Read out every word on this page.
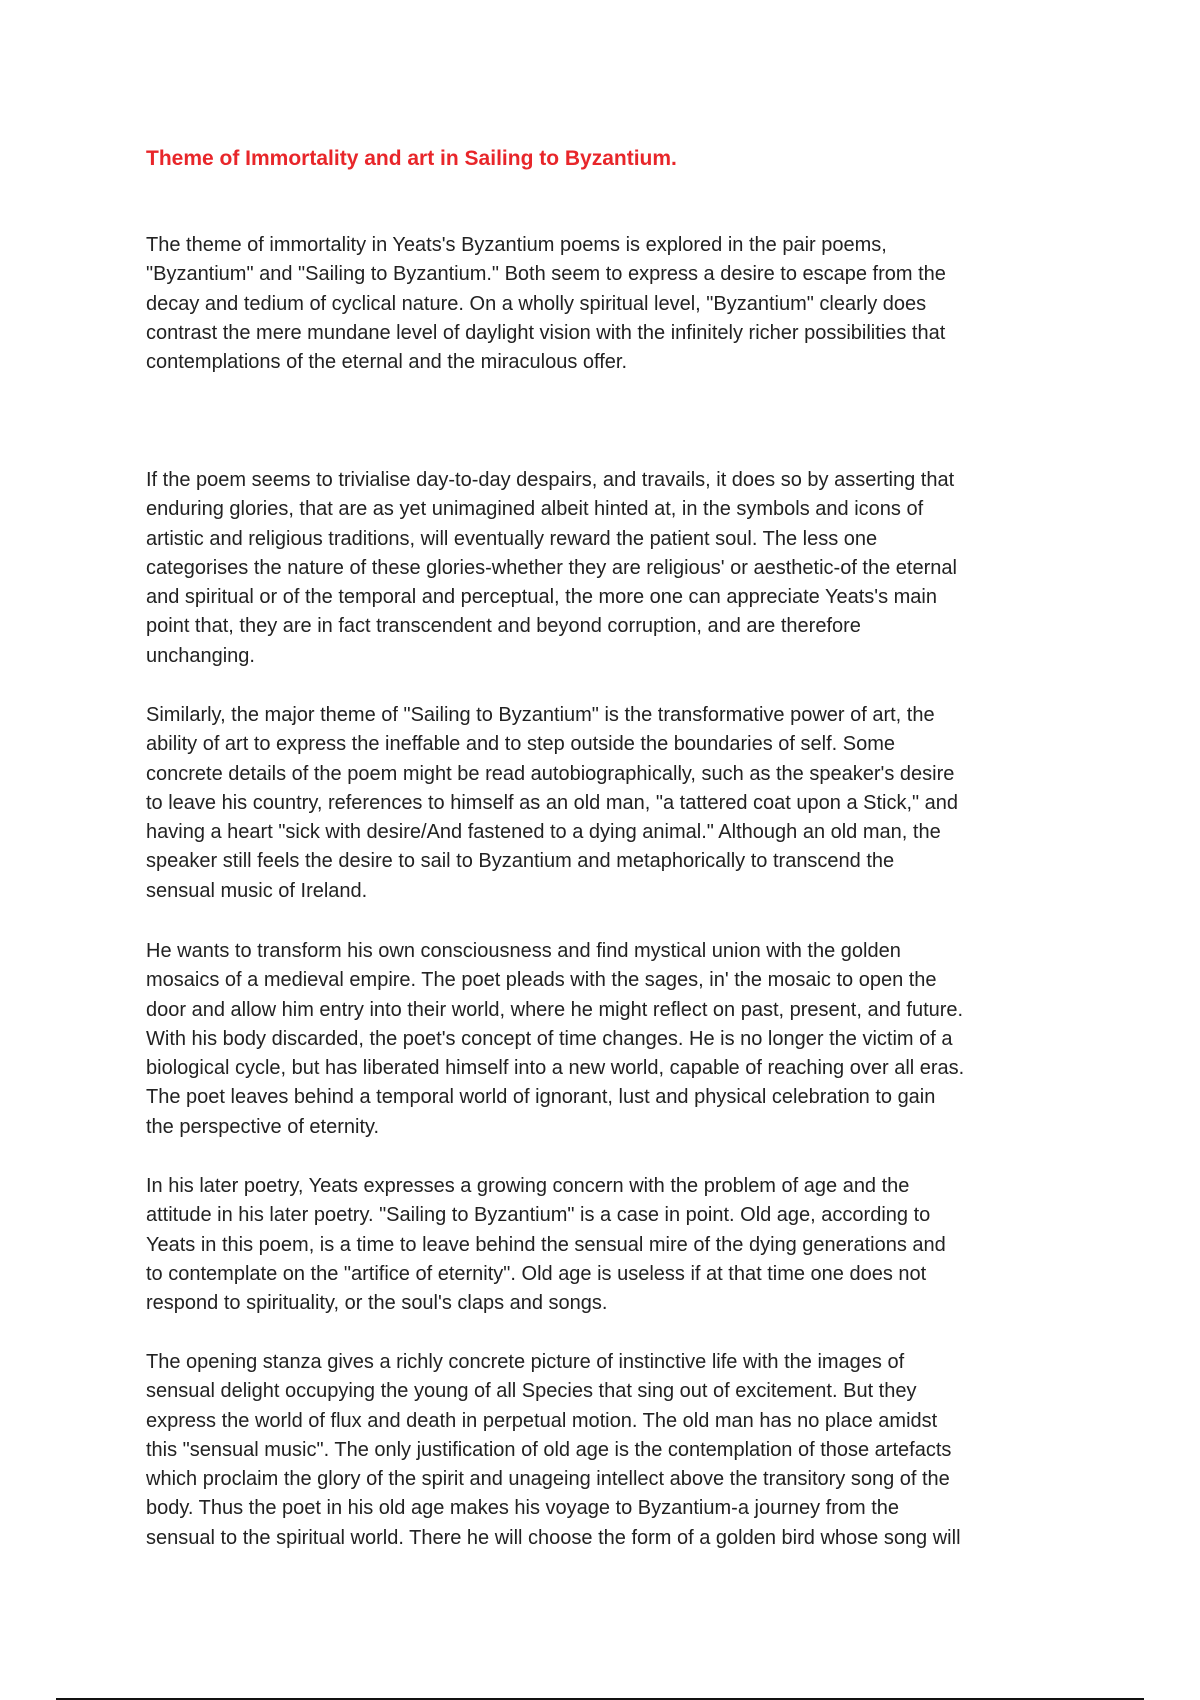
Theme of Immortality and art in Sailing to Byzantium.
The theme of immortality in Yeats's Byzantium poems is explored in the pair poems,
"Byzantium" and "Sailing to Byzantium." Both seem to express a desire to escape from the
decay and tedium of cyclical nature. On a wholly spiritual level, "Byzantium" clearly does
contrast the mere mundane level of daylight vision with the infinitely richer possibilities that
contemplations of the eternal and the miraculous offer.
If the poem seems to trivialise day-to-day despairs, and travails, it does so by asserting that
enduring glories, that are as yet unimagined albeit hinted at, in the symbols and icons of
artistic and religious traditions, will eventually reward the patient soul. The less one
categorises the nature of these glories-whether they are religious' or aesthetic-of the eternal
and spiritual or of the temporal and perceptual, the more one can appreciate Yeats's main
point that, they are in fact transcendent and beyond corruption, and are therefore
unchanging.
Similarly, the major theme of "Sailing to Byzantium" is the transformative power of art, the
ability of art to express the ineffable and to step outside the boundaries of self. Some
concrete details of the poem might be read autobiographically, such as the speaker's desire
to leave his country, references to himself as an old man, "a tattered coat upon a Stick," and
having a heart "sick with desire/And fastened to a dying animal." Although an old man, the
speaker still feels the desire to sail to Byzantium and metaphorically to transcend the
sensual music of Ireland.
He wants to transform his own consciousness and find mystical union with the golden
mosaics of a medieval empire. The poet pleads with the sages, in' the mosaic to open the
door and allow him entry into their world, where he might reflect on past, present, and future.
With his body discarded, the poet's concept of time changes. He is no longer the victim of a
biological cycle, but has liberated himself into a new world, capable of reaching over all eras.
The poet leaves behind a temporal world of ignorant, lust and physical celebration to gain
the perspective of eternity.
In his later poetry, Yeats expresses a growing concern with the problem of age and the
attitude in his later poetry. "Sailing to Byzantium" is a case in point. Old age, according to
Yeats in this poem, is a time to leave behind the sensual mire of the dying generations and
to contemplate on the "artifice of eternity". Old age is useless if at that time one does not
respond to spirituality, or the soul's claps and songs.
The opening stanza gives a richly concrete picture of instinctive life with the images of
sensual delight occupying the young of all Species that sing out of excitement. But they
express the world of flux and death in perpetual motion. The old man has no place amidst
this "sensual music". The only justification of old age is the contemplation of those artefacts
which proclaim the glory of the spirit and unageing intellect above the transitory song of the
body. Thus the poet in his old age makes his voyage to Byzantium-a journey from the
sensual to the spiritual world. There he will choose the form of a golden bird whose song will
